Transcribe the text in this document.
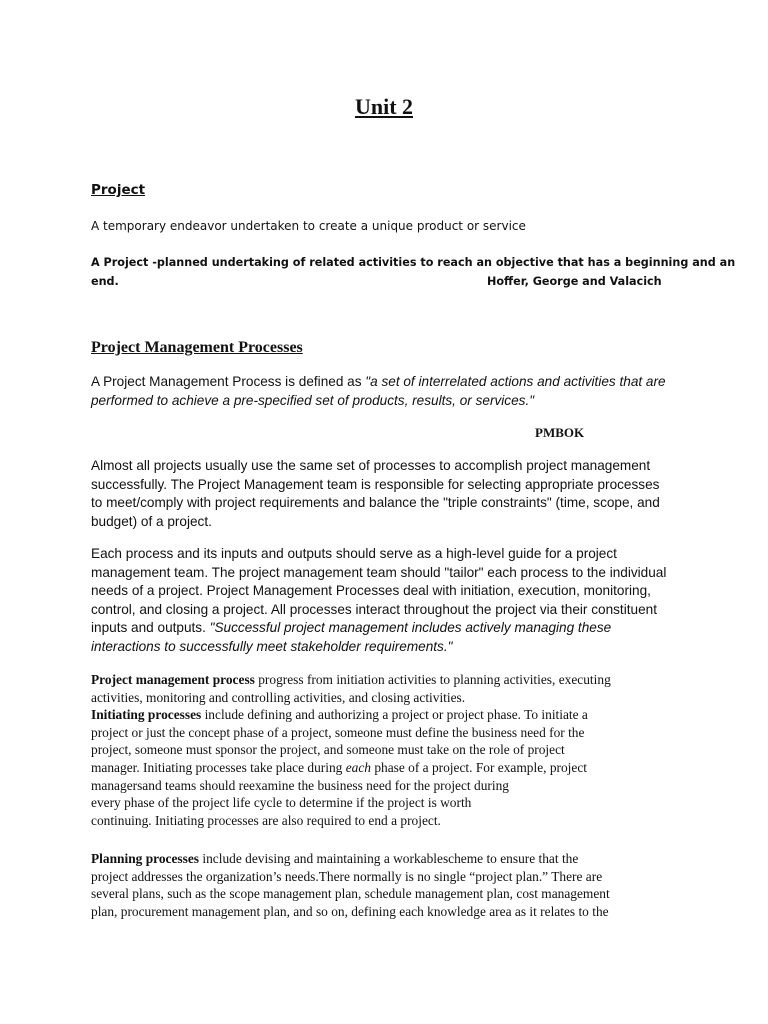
Unit 2
Project
A temporary endeavor undertaken to create a unique product or service
A Project -planned undertaking of related activities to reach an objective that has a beginning and an
end.	Hoffer, George and Valacich
Project Management Processes
A Project Management Process is defined as "a set of interrelated actions and activities that are
performed to achieve a pre-specified set of products, results, or services."
PMBOK
Almost all projects usually use the same set of processes to accomplish project management
successfully. The Project Management team is responsible for selecting appropriate processes
to meet/comply with project requirements and balance the "triple constraints" (time, scope, and
budget) of a project.
Each process and its inputs and outputs should serve as a high-level guide for a project
management team. The project management team should "tailor" each process to the individual
needs of a project. Project Management Processes deal with initiation, execution, monitoring,
control, and closing a project. All processes interact throughout the project via their constituent
inputs and outputs. "Successful project management includes actively managing these
interactions to successfully meet stakeholder requirements."
Project management process progress from initiation activities to planning activities, executing
activities, monitoring and controlling activities, and closing activities.
Initiating processes include defining and authorizing a project or project phase. To initiate a
project or just the concept phase of a project, someone must define the business need for the
project, someone must sponsor the project, and someone must take on the role of project
manager. Initiating processes take place during each phase of a project. For example, project
managersand teams should reexamine the business need for the project during
every phase of the project life cycle to determine if the project is worth
continuing. Initiating processes are also required to end a project.
Planning processes include devising and maintaining a workablescheme to ensure that the
project addresses the organization’s needs.There normally is no single “project plan.” There are
several plans, such as the scope management plan, schedule management plan, cost management
plan, procurement management plan, and so on, defining each knowledge area as it relates to the
